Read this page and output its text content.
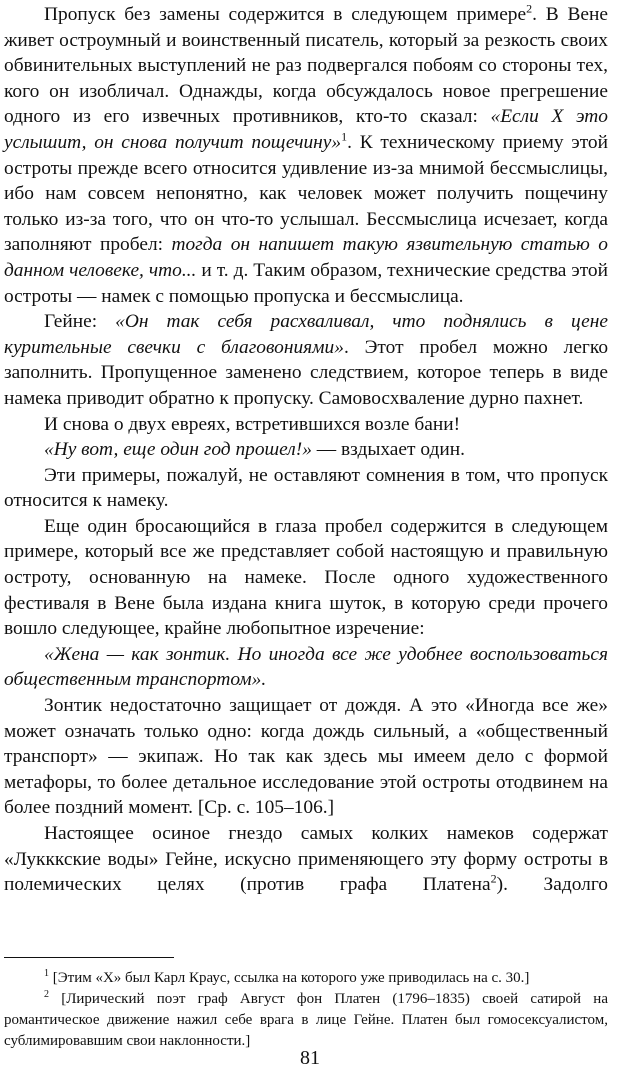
Пропуск без замены содержится в следующем примере$^2$. В Вене живет остроумный и воинственный писатель, который за резкость своих обвинительных выступлений не раз подвергался побоям со стороны тех, кого он изобличал. Однажды, когда обсуждалось новое прегрешение одного из его извечных противников, кто-то сказал: «Если X это услышит, он снова получит пощечину»$^1$. К техническому приему этой остроты прежде всего относится удивление из-за мнимой бессмыслицы, ибо нам совсем непонятно, как человек может получить пощечину только из-за того, что он что-то услышал. Бессмыслица исчезает, когда заполняют пробел: тогда он напишет такую язвительную статью о данном человеке, что... и т. д. Таким образом, технические средства этой остроты — намек с помощью пропуска и бессмыслица.

Гейне: «Он так себя расхваливал, что поднялись в цене курительные свечки с благовониями». Этот пробел можно легко заполнить. Пропущенное заменено следствием, которое теперь в виде намека приводит обратно к пропуску. Самовосхваление дурно пахнет.

И снова о двух евреях, встретившихся возле бани!

«Ну вот, еще один год прошел!» — вздыхает один.

Эти примеры, пожалуй, не оставляют сомнения в том, что пропуск относится к намеку.

Еще один бросающийся в глаза пробел содержится в следующем примере, который все же представляет собой настоящую и правильную остроту, основанную на намеке. После одного художественного фестиваля в Вене была издана книга шуток, в которую среди прочего вошло следующее, крайне любопытное изречение:

«Жена — как зонтик. Но иногда все же удобнее воспользоваться общественным транспортом».

Зонтик недостаточно защищает от дождя. А это «Иногда все же» может означать только одно: когда дождь сильный, а «общественный транспорт» — экипаж. Но так как здесь мы имеем дело с формой метафоры, то более детальное исследование этой остроты отодвинем на более поздний момент. [Ср. с. 105–106.]

Настоящее осиное гнездо самых колких намеков содержат «Лукккские воды» Гейне, искусно применяющего эту форму остроты в полемических целях (против графа Платена$^2$). Задолго

$^1$ [Этим «X» был Карл Краус, ссылка на которого уже приводилась на с. 30.]

$^2$ [Лирический поэт граф Август фон Платен (1796–1835) своей сатирой на романтическое движение нажил себе врага в лице Гейне. Платен был гомосексуалистом, сублимировавшим свои наклонности.]

81
